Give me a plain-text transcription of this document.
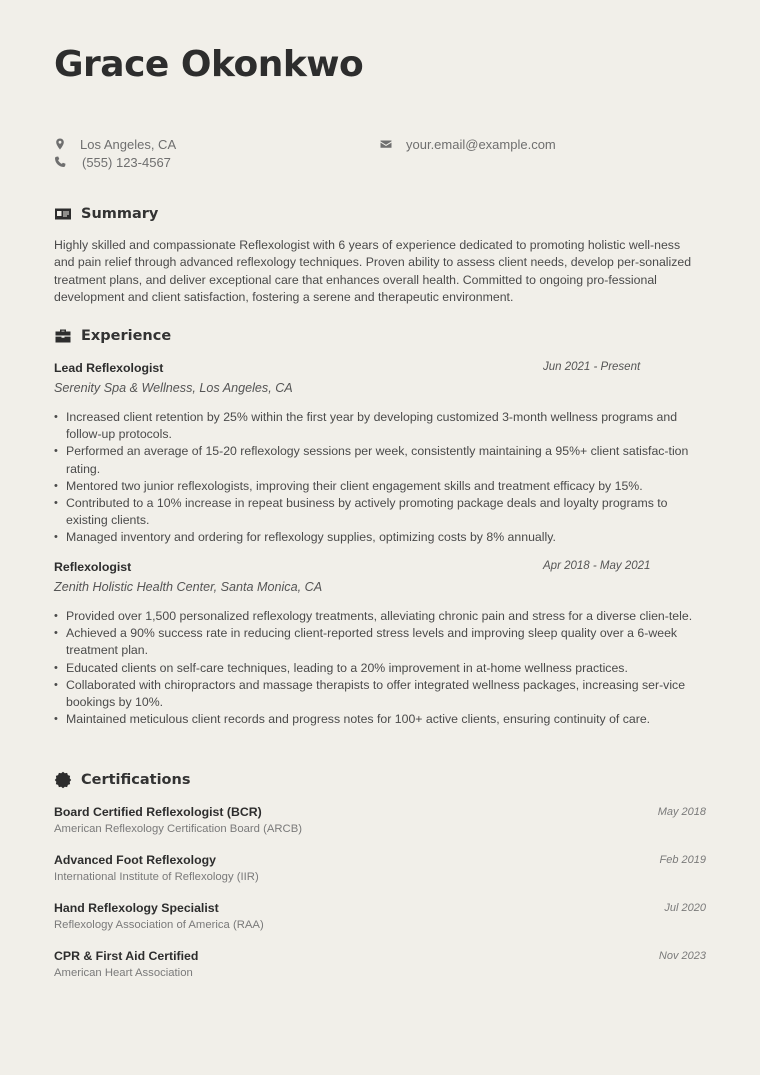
Grace Okonkwo
Los Angeles, CA
(555) 123-4567
your.email@example.com
Summary

Highly skilled and compassionate Reflexologist with 6 years of experience dedicated to promoting holistic well-ness and pain relief through advanced reflexology techniques. Proven ability to assess client needs, develop per-sonalized treatment plans, and deliver exceptional care that enhances overall health. Committed to ongoing pro-fessional development and client satisfaction, fostering a serene and therapeutic environment.

Experience
Lead Reflexologist	Jun 2021 - Present
Serenity Spa & Wellness, Los Angeles, CA
• Increased client retention by 25% within the first year by developing customized 3-month wellness programs and follow-up protocols.
• Performed an average of 15-20 reflexology sessions per week, consistently maintaining a 95%+ client satisfac-tion rating.
• Mentored two junior reflexologists, improving their client engagement skills and treatment efficacy by 15%.
• Contributed to a 10% increase in repeat business by actively promoting package deals and loyalty programs to existing clients.
• Managed inventory and ordering for reflexology supplies, optimizing costs by 8% annually.
Reflexologist	Apr 2018 - May 2021
Zenith Holistic Health Center, Santa Monica, CA
• Provided over 1,500 personalized reflexology treatments, alleviating chronic pain and stress for a diverse clien-tele.
• Achieved a 90% success rate in reducing client-reported stress levels and improving sleep quality over a 6-week treatment plan.
• Educated clients on self-care techniques, leading to a 20% improvement in at-home wellness practices.
• Collaborated with chiropractors and massage therapists to offer integrated wellness packages, increasing ser-vice bookings by 10%.
• Maintained meticulous client records and progress notes for 100+ active clients, ensuring continuity of care.
Certifications
Board Certified Reflexologist (BCR)
American Reflexology Certification Board (ARCB)
May 2018
Advanced Foot Reflexology
International Institute of Reflexology (IIR)
Feb 2019
Hand Reflexology Specialist
Reflexology Association of America (RAA)
Jul 2020
CPR & First Aid Certified
American Heart Association
Nov 2023
